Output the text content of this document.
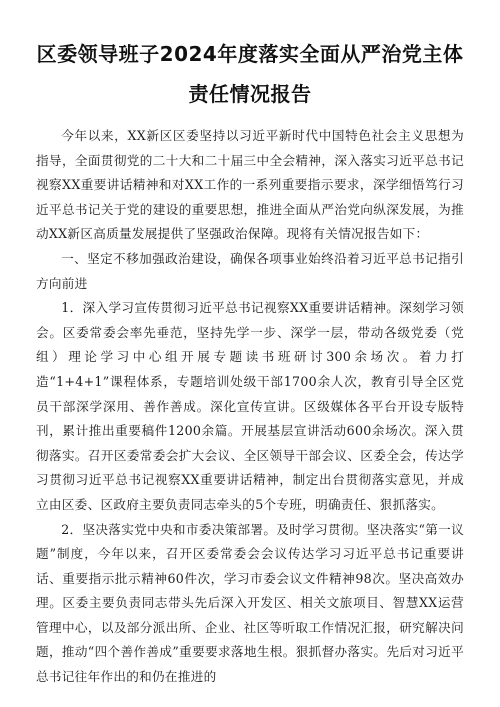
区委领导班子2024年度落实全面从严治党主体责任情况报告

今年以来，XX新区区委坚持以习近平新时代中国特色社会主义思想为指导，全面贯彻党的二十大和二十届三中全会精神，深入落实习近平总书记视察XX重要讲话精神和对XX工作的一系列重要指示要求，深学细悟笃行习近平总书记关于党的建设的重要思想，推进全面从严治党向纵深发展，为推动XX新区高质量发展提供了坚强政治保障。现将有关情况报告如下：

一、坚定不移加强政治建设，确保各项事业始终沿着习近平总书记指引方向前进

1．深入学习宣传贯彻习近平总书记视察XX重要讲话精神。深刻学习领会。区委常委会率先垂范，坚持先学一步、深学一层，带动各级党委（党组）理论学习中心组开展专题读书班研讨300余场次。着力打造“1+4+1”课程体系，专题培训处级干部1700余人次，教育引导全区党员干部深学深用、善作善成。深化宣传宣讲。区级媒体各平台开设专版特刊，累计推出重要稿件1200余篇。开展基层宣讲活动600余场次。深入贯彻落实。召开区委常委会扩大会议、全区领导干部会议、区委全会，传达学习贯彻习近平总书记视察XX重要讲话精神，制定出台贯彻落实意见，并成立由区委、区政府主要负责同志牵头的5个专班，明确责任、狠抓落实。

2．坚决落实党中央和市委决策部署。及时学习贯彻。坚决落实“第一议题”制度，今年以来，召开区委常委会会议传达学习习近平总书记重要讲话、重要指示批示精神60件次，学习市委会议文件精神98次。坚决高效办理。区委主要负责同志带头先后深入开发区、相关文旅项目、智慧XX运营管理中心，以及部分派出所、企业、社区等听取工作情况汇报，研究解决问题，推动“四个善作善成”重要要求落地生根。狠抓督办落实。先后对习近平总书记往年作出的和仍在推进的
